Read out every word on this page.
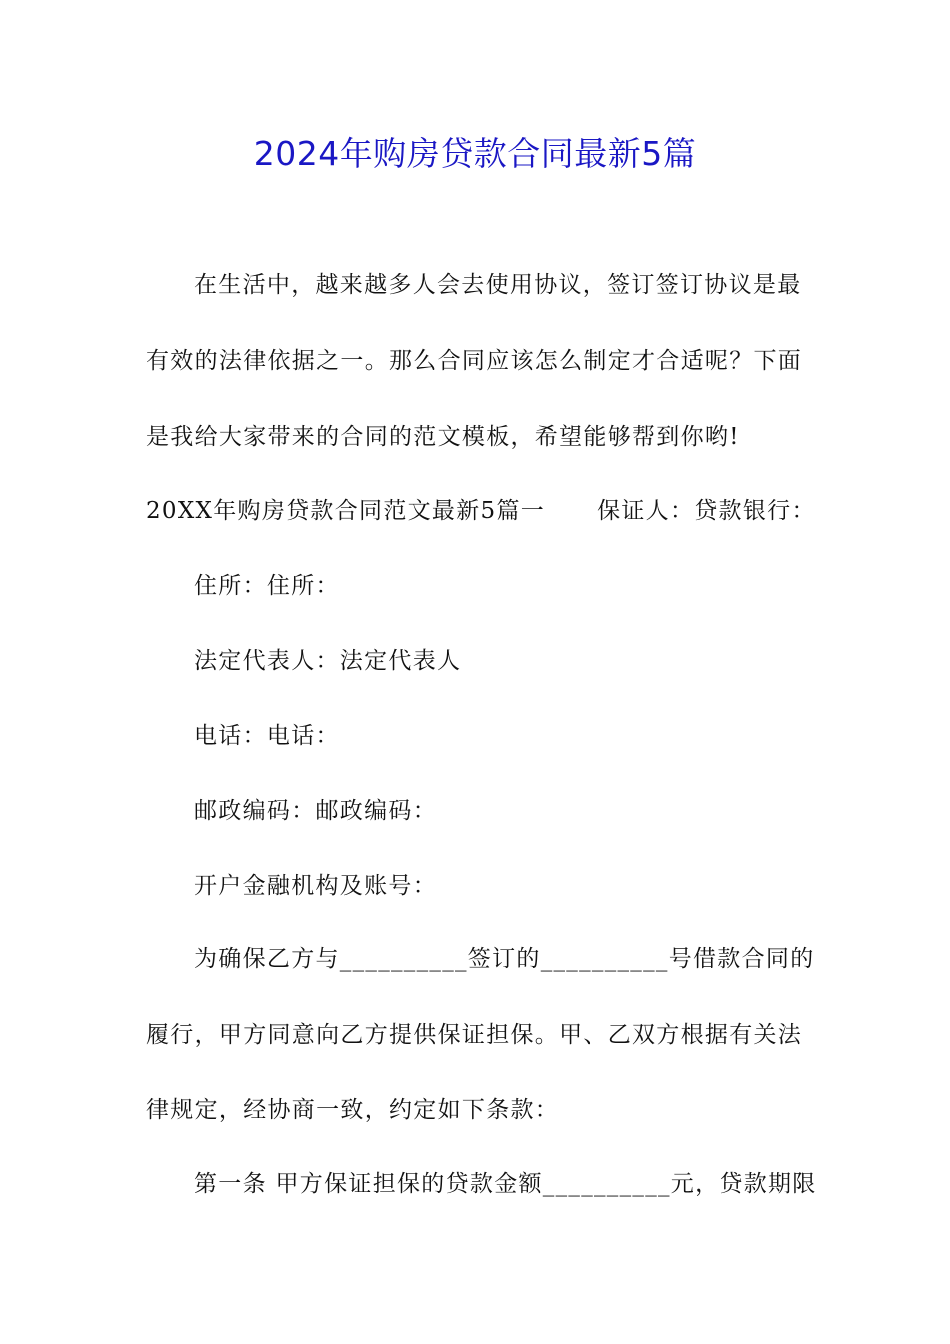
2024年购房贷款合同最新5篇
在生活中，越来越多人会去使用协议，签订签订协议是最
有效的法律依据之一。那么合同应该怎么制定才合适呢？下面
是我给大家带来的合同的范文模板，希望能够帮到你哟!
20XX年购房贷款合同范文最新5篇一 保证人：贷款银行：
住所：住所：
法定代表人：法定代表人
电话：电话：
邮政编码：邮政编码：
开户金融机构及账号：
为确保乙方与__________签订的__________号借款合同的
履行，甲方同意向乙方提供保证担保。甲、乙双方根据有关法
律规定，经协商一致，约定如下条款：
第一条 甲方保证担保的贷款金额__________元，贷款期限
